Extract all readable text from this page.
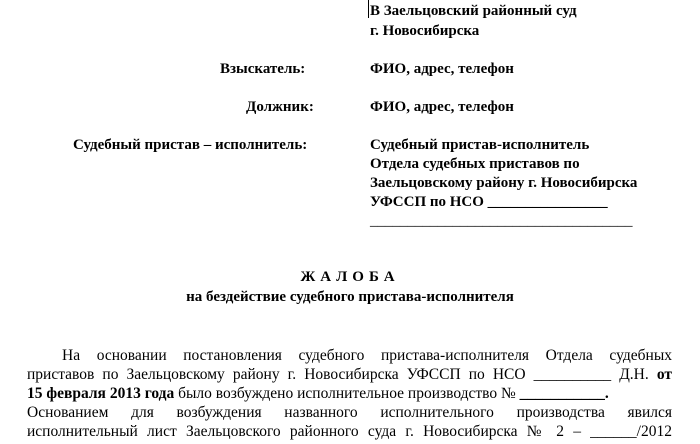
В Заельцовский районный суд
г. Новосибирска
Взыскатель:	ФИО, адрес, телефон
Должник:	ФИО, адрес, телефон
Судебный пристав – исполнитель:	Судебный пристав-исполнитель
Отдела судебных приставов по
Заельцовскому району г. Новосибирска
УФССП по НСО ________________
___________________________________
ЖАЛОБА
на бездействие судебного пристава-исполнителя
На основании постановления судебного пристава-исполнителя Отдела судебных
приставов по Заельцовскому району г. Новосибирска УФССП по НСО __________ Д.Н. от
15 февраля 2013 года было возбуждено исполнительное производство № ___________.
Основанием для возбуждения названного исполнительного производства явился
исполнительный лист Заельцовского районного суда г. Новосибирска № 2 – ______/2012
